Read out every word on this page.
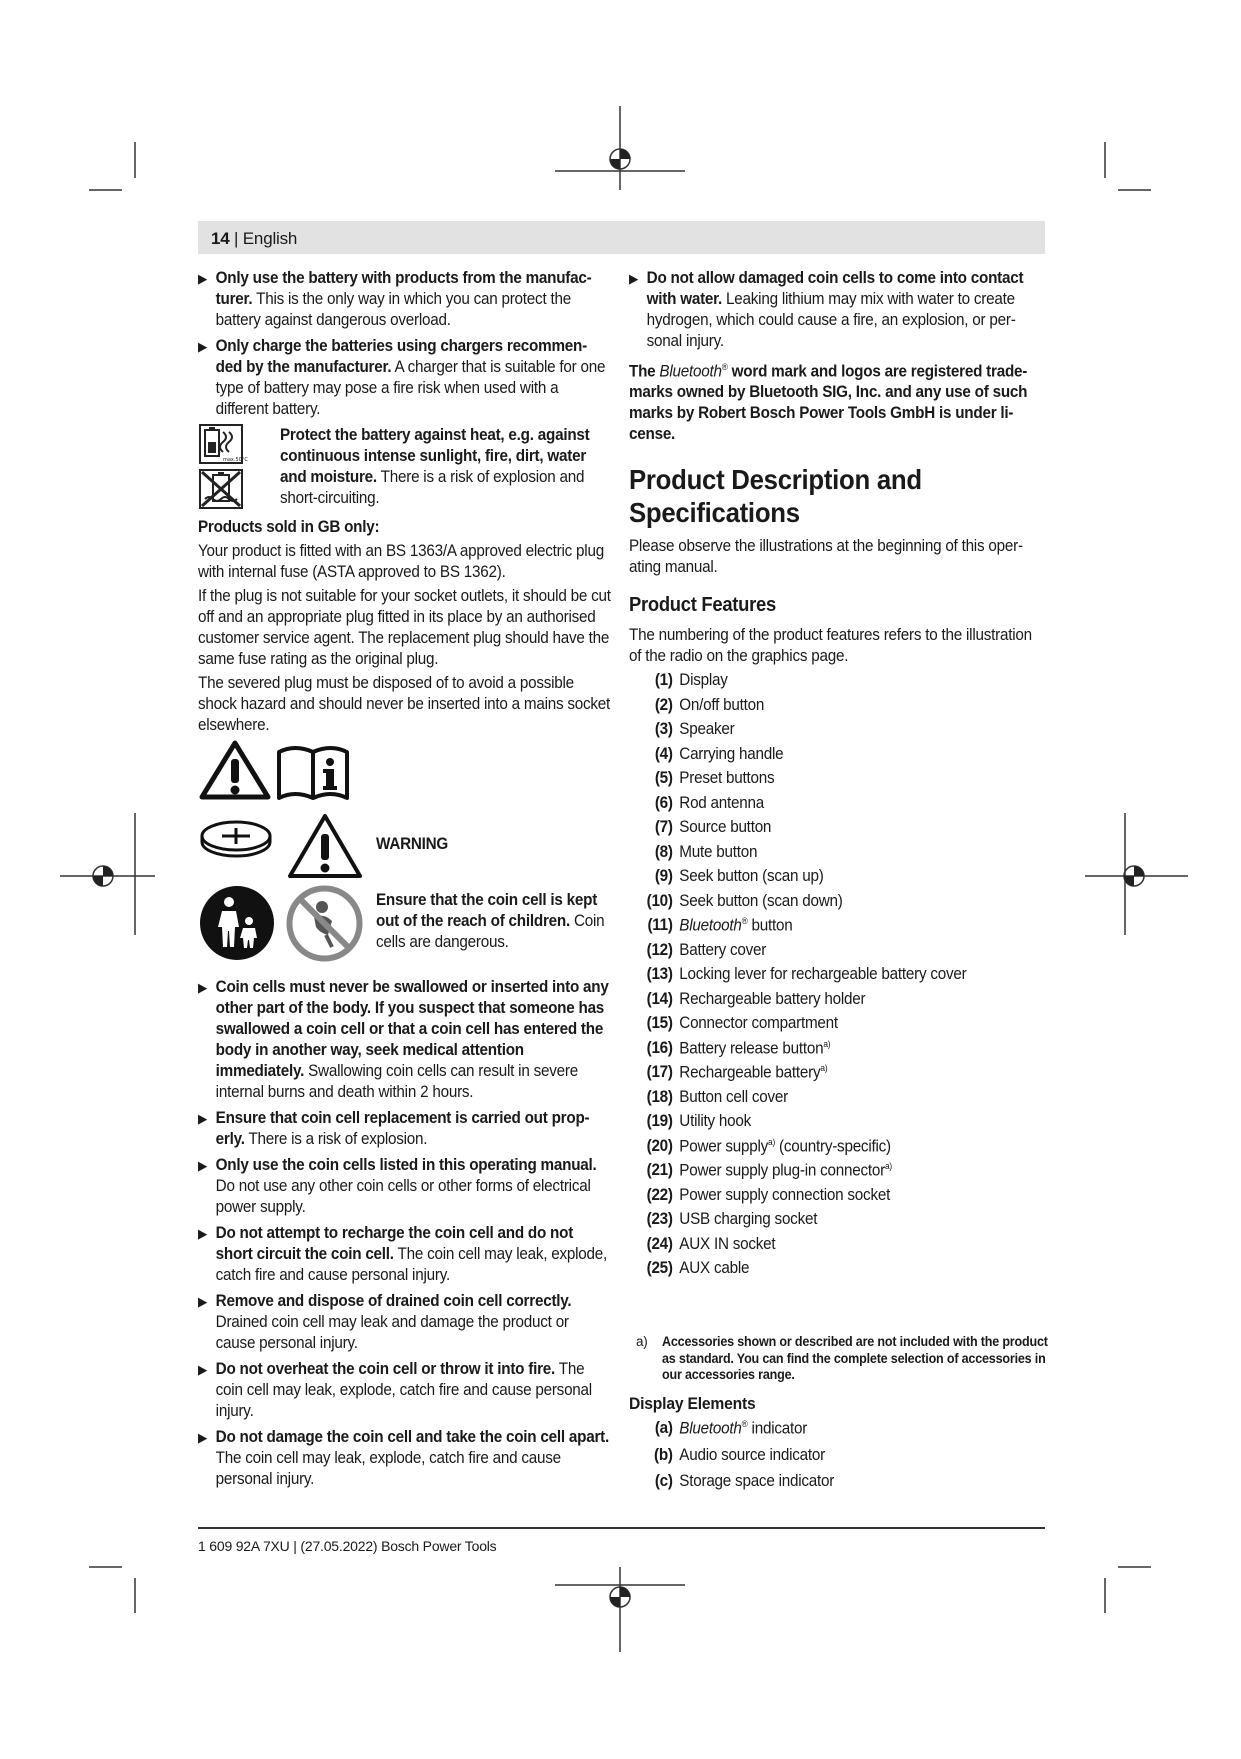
14 | English
▶ Only use the battery with products from the manufacturer. This is the only way in which you can protect the battery against dangerous overload.
▶ Only charge the batteries using chargers recommended by the manufacturer. A charger that is suitable for one type of battery may pose a fire risk when used with a different battery.
max.50°C
Protect the battery against heat, e.g. against continuous intense sunlight, fire, dirt, water and moisture. There is a risk of explosion and short-circuiting.

Products sold in GB only:

Your product is fitted with an BS 1363/A approved electric plug with internal fuse (ASTA approved to BS 1362).

If the plug is not suitable for your socket outlets, it should be cut off and an appropriate plug fitted in its place by an authorised customer service agent. The replacement plug should have the same fuse rating as the original plug.

The severed plug must be disposed of to avoid a possible shock hazard and should never be inserted into a mains socket elsewhere.

WARNING
Ensure that the coin cell is kept out of the reach of children. Coin cells are dangerous.
▶ Coin cells must never be swallowed or inserted into any other part of the body. If you suspect that someone has swallowed a coin cell or that a coin cell has entered the body in another way, seek medical attention immediately. Swallowing coin cells can result in severe internal burns and death within 2 hours.
▶ Ensure that coin cell replacement is carried out properly. There is a risk of explosion.
▶ Only use the coin cells listed in this operating manual. Do not use any other coin cells or other forms of electrical power supply.
▶ Do not attempt to recharge the coin cell and do not short circuit the coin cell. The coin cell may leak, explode, catch fire and cause personal injury.
▶ Remove and dispose of drained coin cell correctly. Drained coin cell may leak and damage the product or cause personal injury.
▶ Do not overheat the coin cell or throw it into fire. The coin cell may leak, explode, catch fire and cause personal injury.
▶ Do not damage the coin cell and take the coin cell apart. The coin cell may leak, explode, catch fire and cause personal injury.
▶ Do not allow damaged coin cells to come into contact with water. Leaking lithium may mix with water to create hydrogen, which could cause a fire, an explosion, or personal injury.

The Bluetooth® word mark and logos are registered trademarks owned by Bluetooth SIG, Inc. and any use of such marks by Robert Bosch Power Tools GmbH is under license.

Product Description and
Specifications
Please observe the illustrations at the beginning of this operating manual.
Product Features
The numbering of the product features refers to the illustration of the radio on the graphics page.
(1) Display
(2) On/off button
(3) Speaker
(4) Carrying handle
(5) Preset buttons
(6) Rod antenna
(7) Source button
(8) Mute button
(9) Seek button (scan up)
(10) Seek button (scan down)
(11) Bluetooth® button
(12) Battery cover
(13) Locking lever for rechargeable battery cover
(14) Rechargeable battery holder
(15) Connector compartment
(16) Battery release button$^{a)}$
(17) Rechargeable battery$^{a)}$
(18) Button cell cover
(19) Utility hook
(20) Power supply$^{a)}$ (country-specific)
(21) Power supply plug-in connector$^{a)}$
(22) Power supply connection socket
(23) USB charging socket
(24) AUX IN socket
(25) AUX cable
a) Accessories shown or described are not included with the product as standard. You can find the complete selection of accessories in our accessories range.
Display Elements
(a) Bluetooth® indicator
(b) Audio source indicator
(c) Storage space indicator
1 609 92A 7XU | (27.05.2022) Bosch Power Tools
